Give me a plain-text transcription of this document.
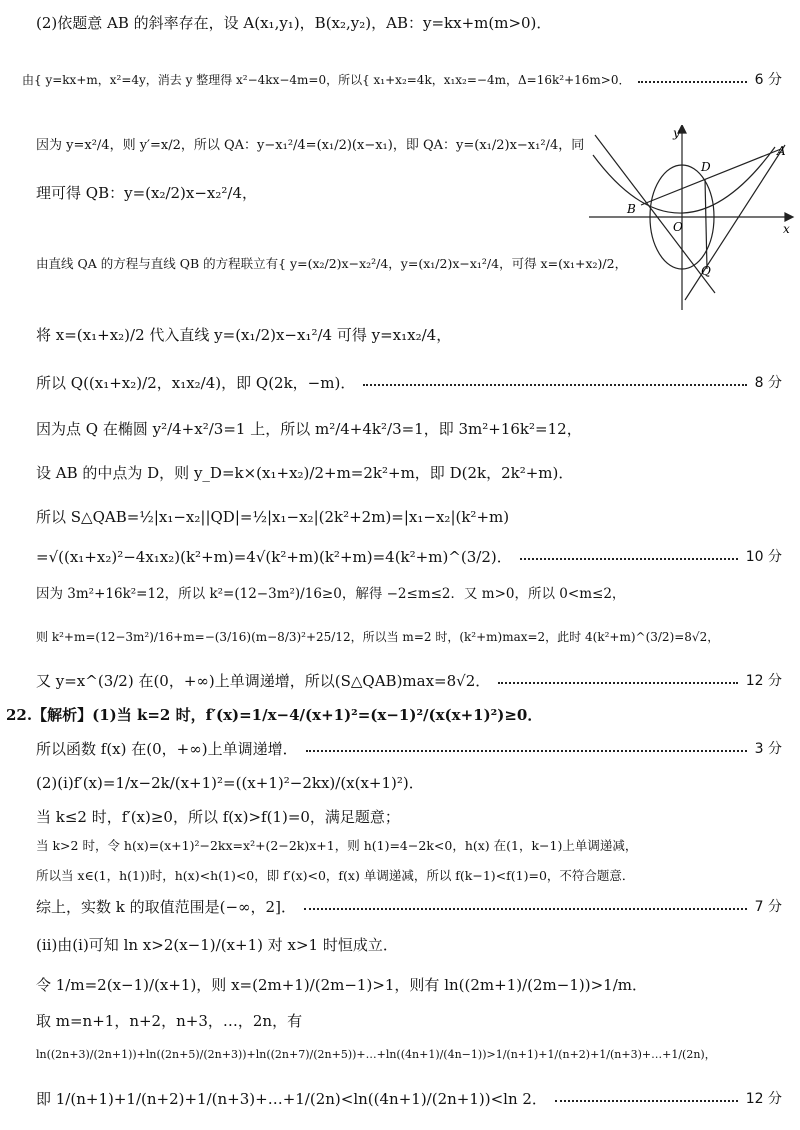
(2)依题意 AB 的斜率存在，设 A(x₁,y₁)，B(x₂,y₂)，AB：y=kx+m(m>0)．
由{ y=kx+m，x²=4y，消去 y 整理得 x²−4kx−4m=0，所以{ x₁+x₂=4k，x₁x₂=−4m，Δ=16k²+16m>0．	6 分
因为 y=x²/4，则 y′=x/2，所以 QA：y−x₁²/4=(x₁/2)(x−x₁)，即 QA：y=(x₁/2)x−x₁²/4，同
理可得 QB：y=(x₂/2)x−x₂²/4，
由直线 QA 的方程与直线 QB 的方程联立有{ y=(x₂/2)x−x₂²/4，y=(x₁/2)x−x₁²/4，可得 x=(x₁+x₂)/2，
将 x=(x₁+x₂)/2 代入直线 y=(x₁/2)x−x₁²/4 可得 y=x₁x₂/4，
所以 Q((x₁+x₂)/2，x₁x₂/4)，即 Q(2k，−m)．	8 分
因为点 Q 在椭圆 y²/4+x²/3=1 上，所以 m²/4+4k²/3=1，即 3m²+16k²=12，
设 AB 的中点为 D，则 y_D=k×(x₁+x₂)/2+m=2k²+m，即 D(2k，2k²+m)．
所以 S△QAB=½|x₁−x₂||QD|=½|x₁−x₂|(2k²+2m)=|x₁−x₂|(k²+m)
=√((x₁+x₂)²−4x₁x₂)(k²+m)=4√(k²+m)(k²+m)=4(k²+m)^(3/2)．	10 分
因为 3m²+16k²=12，所以 k²=(12−3m²)/16≥0，解得 −2≤m≤2．又 m>0，所以 0<m≤2，
则 k²+m=(12−3m²)/16+m=−(3/16)(m−8/3)²+25/12，所以当 m=2 时，(k²+m)max=2，此时 4(k²+m)^(3/2)=8√2，
又 y=x^(3/2) 在(0，+∞)上单调递增，所以(S△QAB)max=8√2．	12 分
22.【解析】(1)当 k=2 时，f′(x)=1/x−4/(x+1)²=(x−1)²/(x(x+1)²)≥0．
所以函数 f(x) 在(0，+∞)上单调递增．	3 分
(2)(i)f′(x)=1/x−2k/(x+1)²=((x+1)²−2kx)/(x(x+1)²)．
当 k≤2 时，f′(x)≥0，所以 f(x)>f(1)=0，满足题意；
当 k>2 时，令 h(x)=(x+1)²−2kx=x²+(2−2k)x+1，则 h(1)=4−2k<0，h(x) 在(1，k−1)上单调递减，
所以当 x∈(1，h(1))时，h(x)<h(1)<0，即 f′(x)<0，f(x) 单调递减，所以 f(k−1)<f(1)=0，不符合题意．
综上，实数 k 的取值范围是(−∞，2]．	7 分
(ii)由(i)可知 ln x>2(x−1)/(x+1) 对 x>1 时恒成立．
令 1/m=2(x−1)/(x+1)，则 x=(2m+1)/(2m−1)>1，则有 ln((2m+1)/(2m−1))>1/m．
取 m=n+1，n+2，n+3，…，2n，有
ln((2n+3)/(2n+1))+ln((2n+5)/(2n+3))+ln((2n+7)/(2n+5))+…+ln((4n+1)/(4n−1))>1/(n+1)+1/(n+2)+1/(n+3)+…+1/(2n)，
即 1/(n+1)+1/(n+2)+1/(n+3)+…+1/(2n)<ln((4n+1)/(2n+1))<ln 2．	12 分
y
x
A
B
D
O
Q
